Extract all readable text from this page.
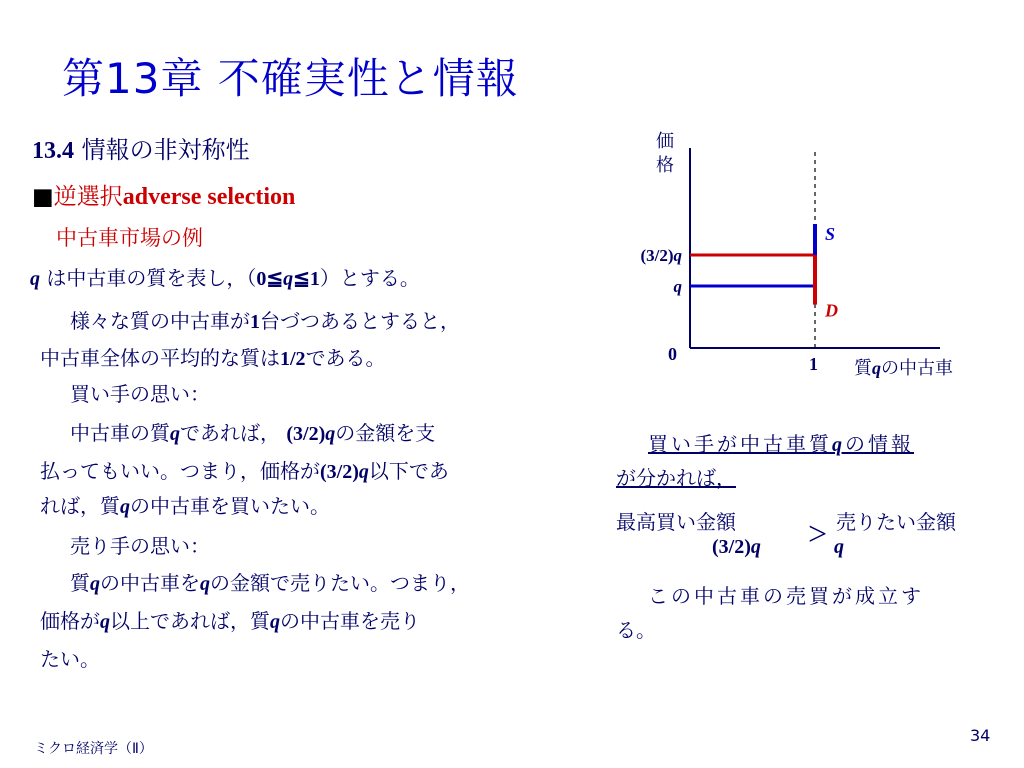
第13章 不確実性と情報
13.4 情報の非対称性
■逆選択adverse selection
中古車市場の例
q は中古車の質を表し，（0≦q≦1）とする。
様々な質の中古車が1台づつあるとすると，
中古車全体の平均的な質は1/2である。
買い手の思い：
中古車の質qであれば， (3/2)qの金額を支
払ってもいい。つまり，価格が(3/2)q以下であ
れば，質qの中古車を買いたい。
売り手の思い：
質qの中古車をqの金額で売りたい。つまり，
価格がq以上であれば，質qの中古車を売り
たい。
(3/2)q
q
S
D
価
格
0	1 質qの中古車
買い手が中古車質qの情報
が分かれば，
最高買い金額	売りたい金額
(3/2)q > q
この中古車の売買が成立す
る。
ミクロ経済学（Ⅱ）
34
